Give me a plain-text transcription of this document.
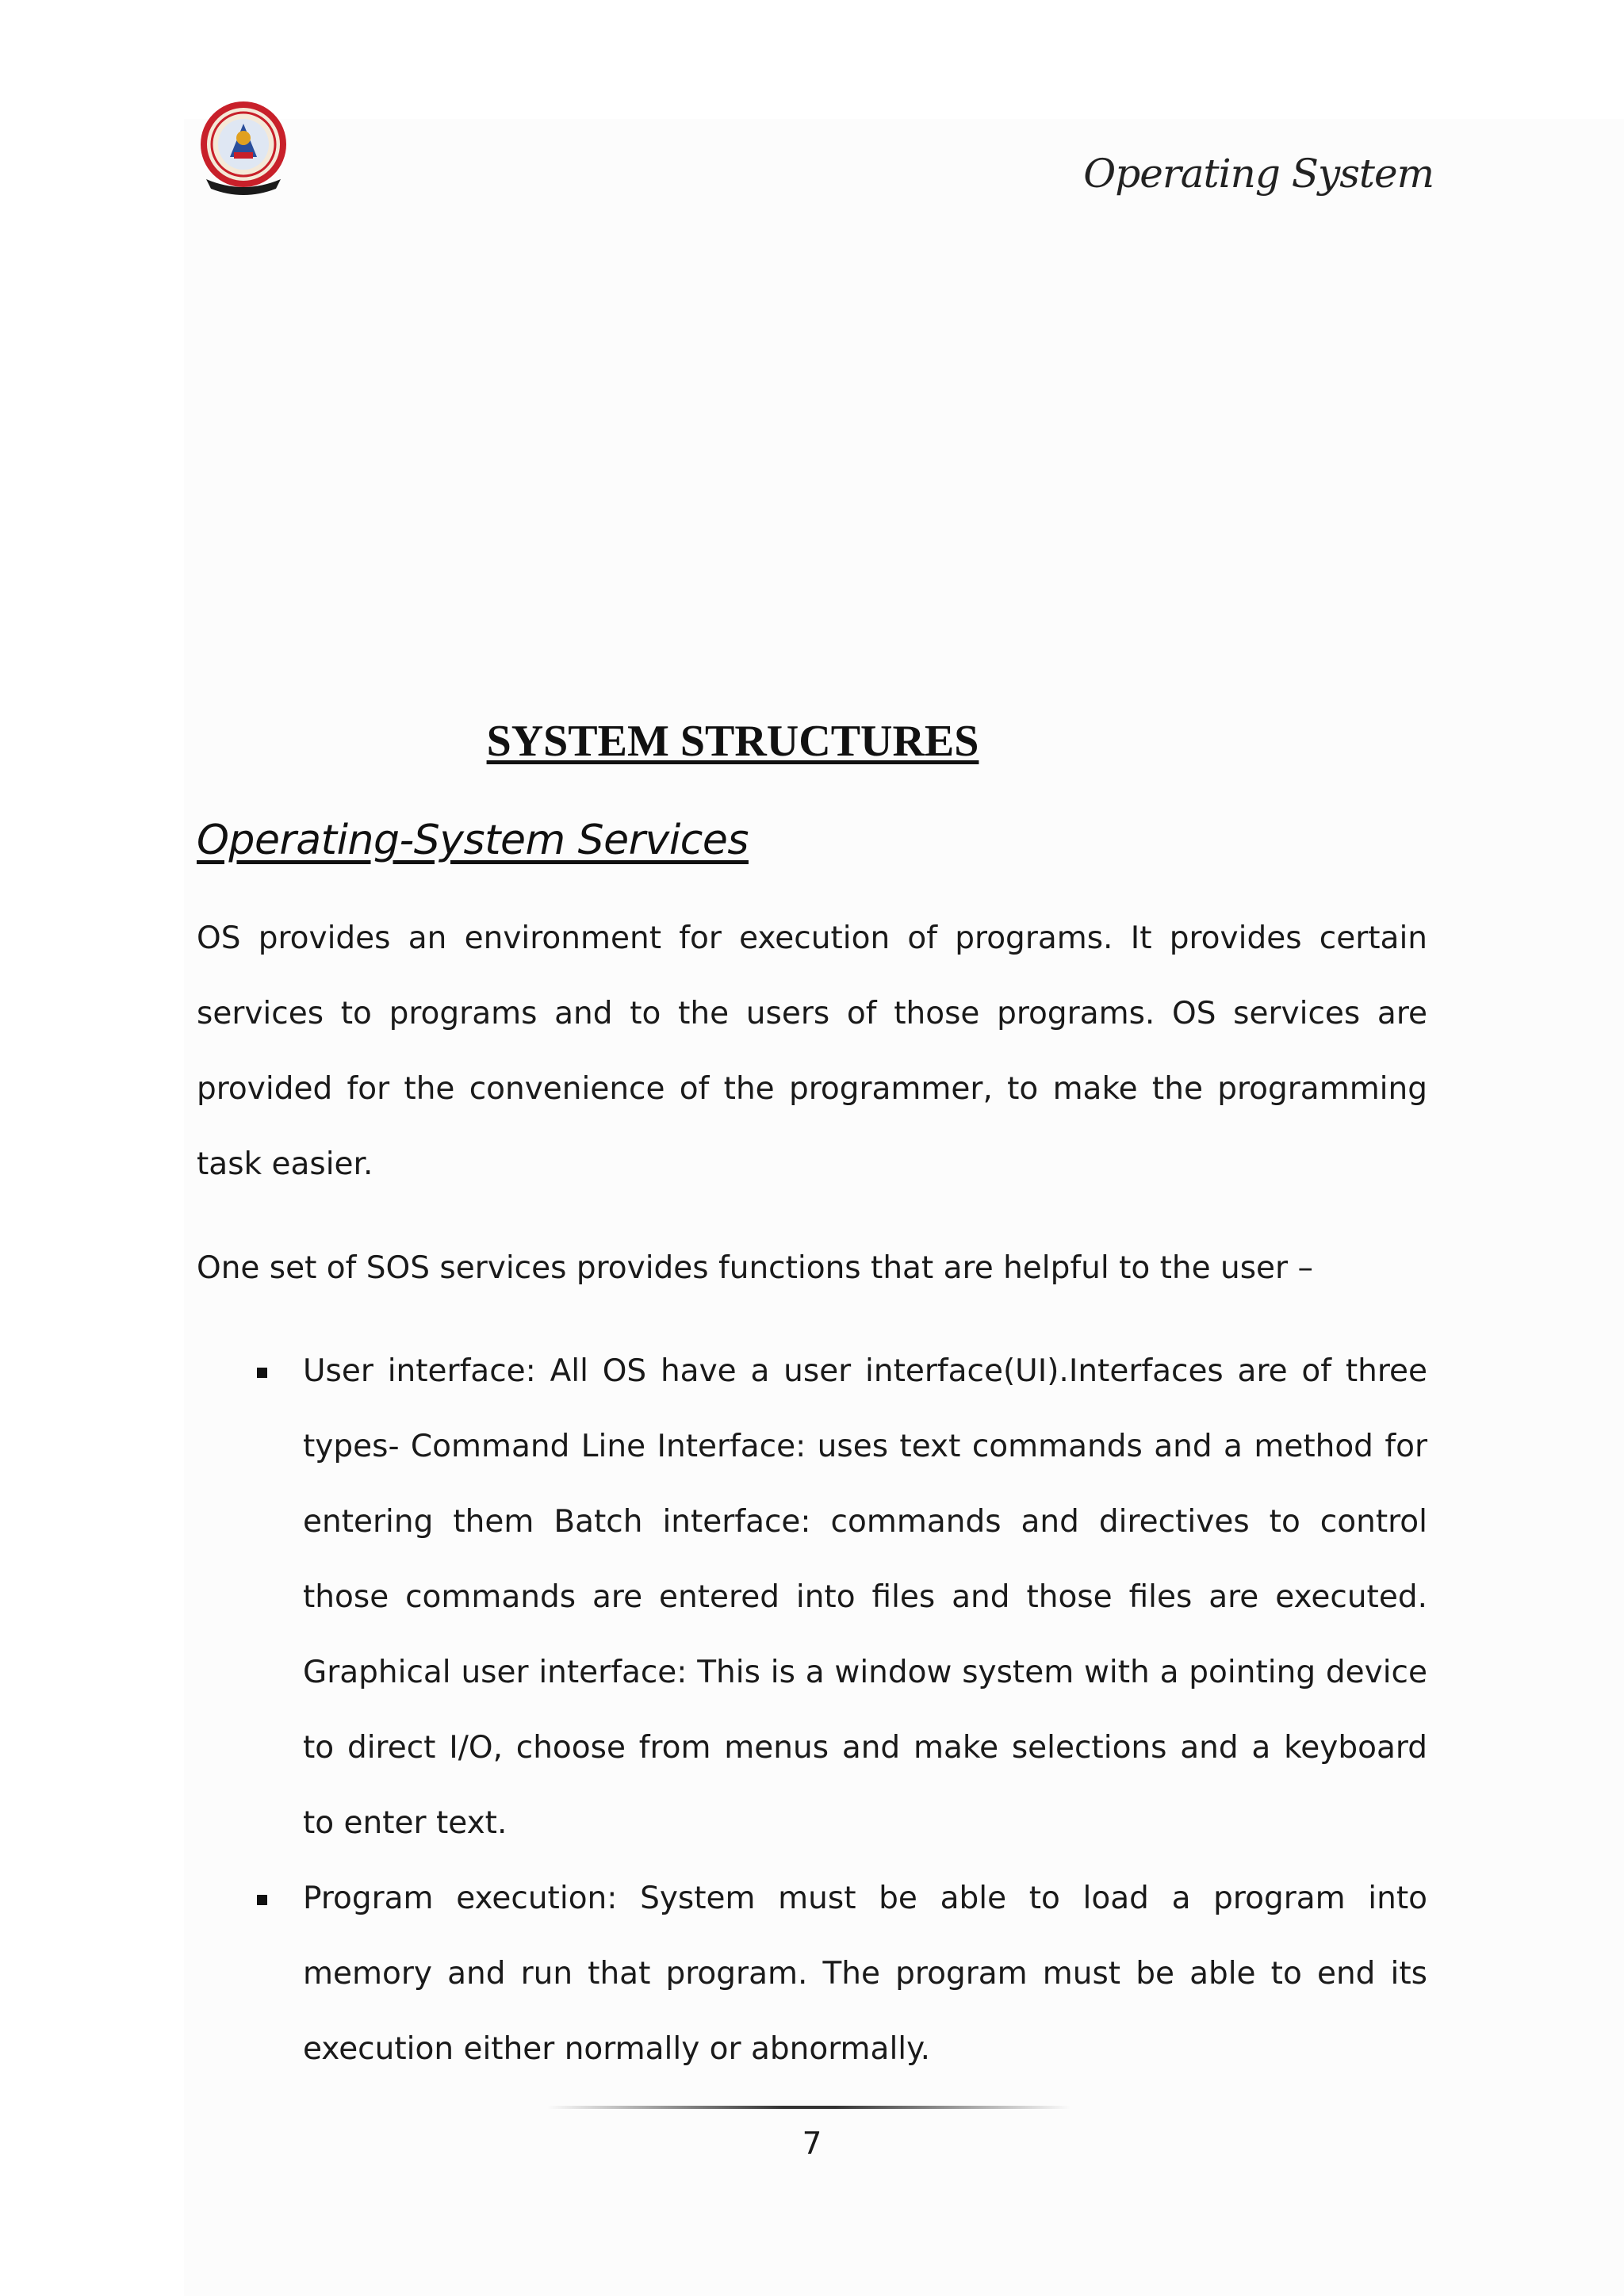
Operating System
SYSTEM STRUCTURES
Operating-System Services

OS provides an environment for execution of programs. It provides certain services to programs and to the users of those programs. OS services are provided for the convenience of the programmer, to make the programming task easier.

One set of SOS services provides functions that are helpful to the user –

User interface: All OS have a user interface(UI).Interfaces are of three types- Command Line Interface: uses text commands and a method for entering them Batch interface: commands and directives to control those commands are entered into files and those files are executed. Graphical user interface: This is a window system with a pointing device to direct I/O, choose from menus and make selections and a keyboard to enter text.
Program execution: System must be able to load a program into memory and run that program. The program must be able to end its execution either normally or abnormally.
7
